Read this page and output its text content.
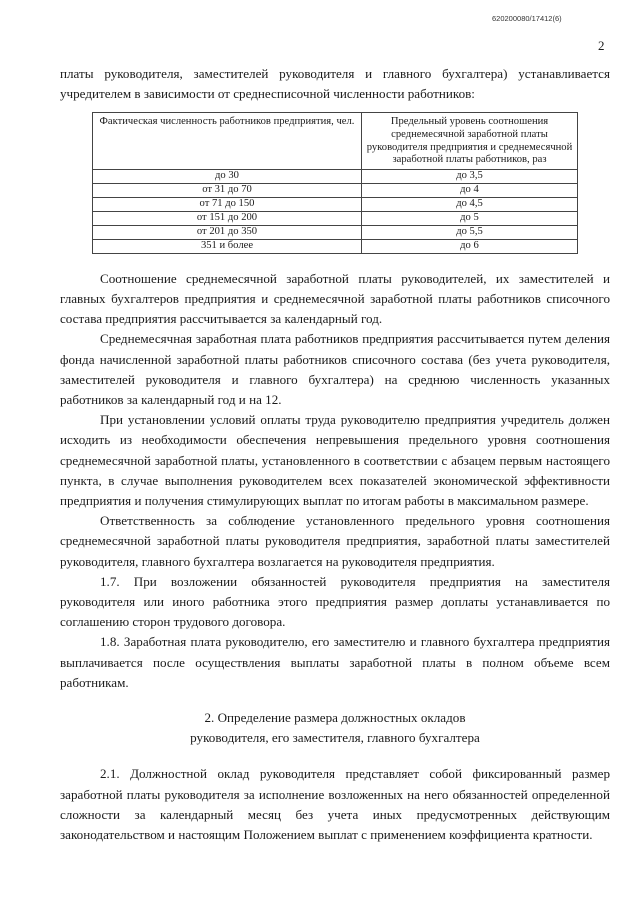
620200080/17412(6)
2

платы руководителя, заместителей руководителя и главного бухгалтера) устанавливается учредителем в зависимости от среднесписочной численности работников:

Фактическая численность работников предприятия, чел.	Предельный уровень соотношения среднемесячной заработной платы руководителя предприятия и среднемесячной заработной платы работников, раз
до 30	до 3,5
от 31 до 70	до 4
от 71 до 150	до 4,5
от 151 до 200	до 5
от 201 до 350	до 5,5
351 и более	до 6

Соотношение среднемесячной заработной платы руководителей, их заместителей и главных бухгалтеров предприятия и среднемесячной заработной платы работников списочного состава предприятия рассчитывается за календарный год.

Среднемесячная заработная плата работников предприятия рассчитывается путем деления фонда начисленной заработной платы работников списочного состава (без учета руководителя, заместителей руководителя и главного бухгалтера) на среднюю численность указанных работников за календарный год и на 12.

При установлении условий оплаты труда руководителю предприятия учредитель должен исходить из необходимости обеспечения непревышения предельного уровня соотношения среднемесячной заработной платы, установленного в соответствии с абзацем первым настоящего пункта, в случае выполнения руководителем всех показателей экономической эффективности предприятия и получения стимулирующих выплат по итогам работы в максимальном размере.

Ответственность за соблюдение установленного предельного уровня соотношения среднемесячной заработной платы руководителя предприятия, заработной платы заместителей руководителя, главного бухгалтера возлагается на руководителя предприятия.

1.7. При возложении обязанностей руководителя предприятия на заместителя руководителя или иного работника этого предприятия размер доплаты устанавливается по соглашению сторон трудового договора.

1.8. Заработная плата руководителю, его заместителю и главного бухгалтера предприятия выплачивается после осуществления выплаты заработной платы в полном объеме всем работникам.

2. Определение размера должностных окладов
руководителя, его заместителя, главного бухгалтера

2.1. Должностной оклад руководителя представляет собой фиксированный размер заработной платы руководителя за исполнение возложенных на него обязанностей определенной сложности за календарный месяц без учета иных предусмотренных действующим законодательством и настоящим Положением выплат с применением коэффициента кратности.
